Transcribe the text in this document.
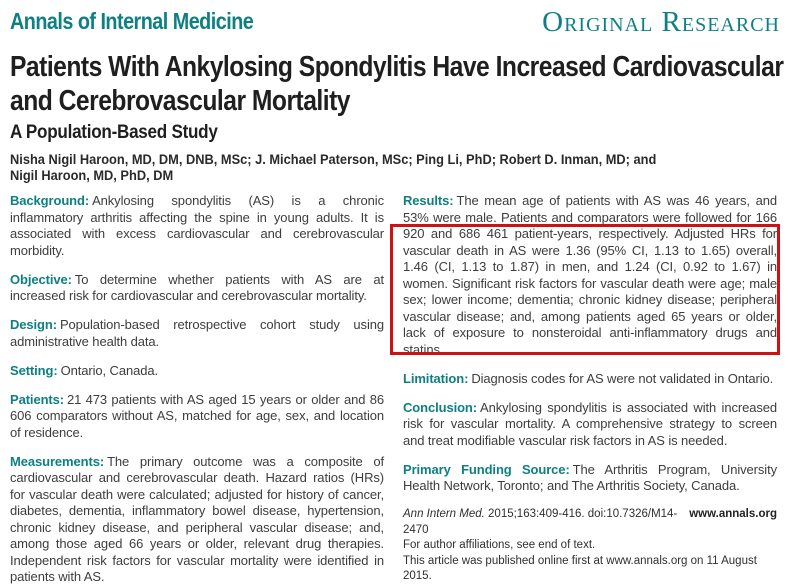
Annals of Internal Medicine	Original Research
Patients With Ankylosing Spondylitis Have Increased Cardiovascular
and Cerebrovascular Mortality
A Population-Based Study
Nisha Nigil Haroon, MD, DM, DNB, MSc; J. Michael Paterson, MSc; Ping Li, PhD; Robert D. Inman, MD; and
Nigil Haroon, MD, PhD, DM

Background: Ankylosing spondylitis (AS) is a chronic inflammatory arthritis affecting the spine in young adults. It is associated with excess cardiovascular and cerebrovascular morbidity.

Objective: To determine whether patients with AS are at increased risk for cardiovascular and cerebrovascular mortality.

Design: Population-based retrospective cohort study using administrative health data.

Setting: Ontario, Canada.

Patients: 21 473 patients with AS aged 15 years or older and 86 606 comparators without AS, matched for age, sex, and location of residence.

Measurements: The primary outcome was a composite of cardiovascular and cerebrovascular death. Hazard ratios (HRs) for vascular death were calculated; adjusted for history of cancer, diabetes, dementia, inflammatory bowel disease, hypertension, chronic kidney disease, and peripheral vascular disease; and, among those aged 66 years or older, relevant drug therapies. Independent risk factors for vascular mortality were identified in patients with AS.

Results: The mean age of patients with AS was 46 years, and 53% were male. Patients and comparators were followed for 166 920 and 686 461 patient-years, respectively. Adjusted HRs for vascular death in AS were 1.36 (95% CI, 1.13 to 1.65) overall, 1.46 (CI, 1.13 to 1.87) in men, and 1.24 (CI, 0.92 to 1.67) in women. Significant risk factors for vascular death were age; male sex; lower income; dementia; chronic kidney disease; peripheral vascular disease; and, among patients aged 65 years or older, lack of exposure to nonsteroidal anti-inflammatory drugs and statins.

Limitation: Diagnosis codes for AS were not validated in Ontario.

Conclusion: Ankylosing spondylitis is associated with increased risk for vascular mortality. A comprehensive strategy to screen and treat modifiable vascular risk factors in AS is needed.

Primary Funding Source: The Arthritis Program, University Health Network, Toronto; and The Arthritis Society, Canada.

Ann Intern Med. 2015;163:409-416. doi:10.7326/M14-2470
www.annals.org
For author affiliations, see end of text.
This article was published online first at www.annals.org on 11 August 2015.
